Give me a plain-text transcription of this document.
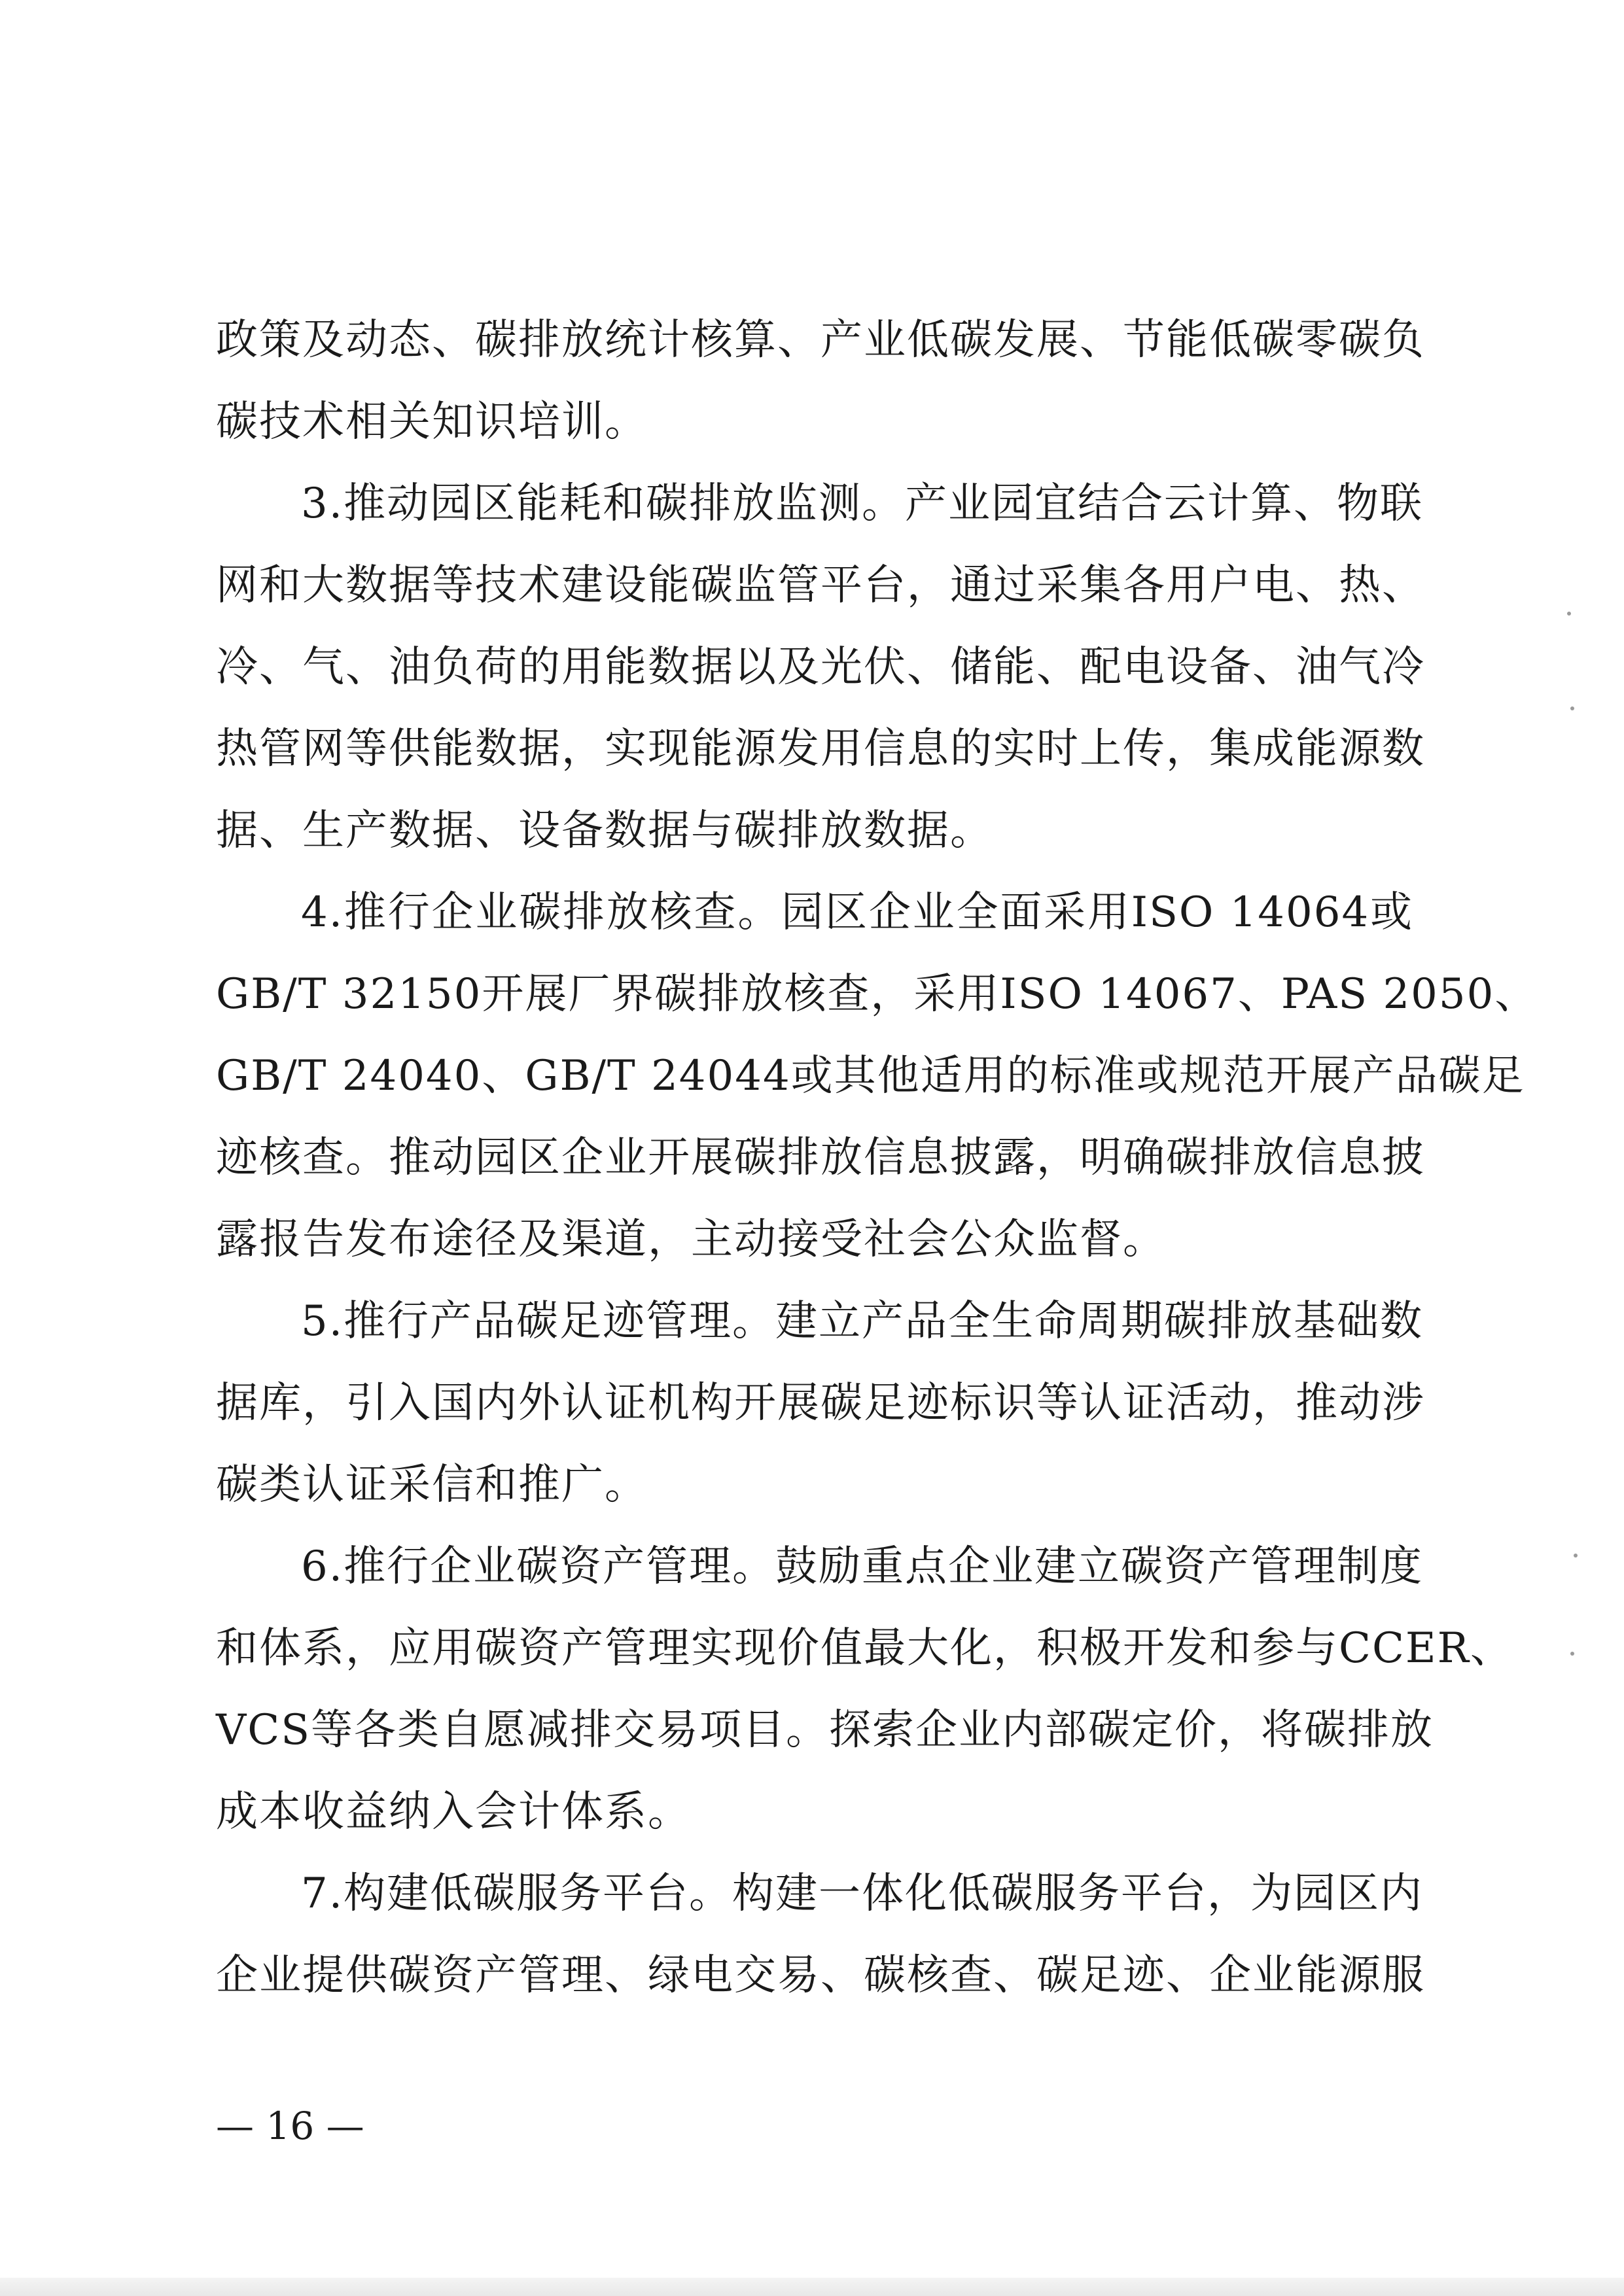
政策及动态、碳排放统计核算、产业低碳发展、节能低碳零碳负
碳技术相关知识培训。
3.推动园区能耗和碳排放监测。产业园宜结合云计算、物联
网和大数据等技术建设能碳监管平台，通过采集各用户电、热、
冷、气、油负荷的用能数据以及光伏、储能、配电设备、油气冷
热管网等供能数据，实现能源发用信息的实时上传，集成能源数
据、生产数据、设备数据与碳排放数据。
4.推行企业碳排放核查。园区企业全面采用ISO 14064或
GB/T 32150开展厂界碳排放核查，采用ISO 14067、PAS 2050、
GB/T 24040、GB/T 24044或其他适用的标准或规范开展产品碳足
迹核查。推动园区企业开展碳排放信息披露，明确碳排放信息披
露报告发布途径及渠道，主动接受社会公众监督。
5.推行产品碳足迹管理。建立产品全生命周期碳排放基础数
据库，引入国内外认证机构开展碳足迹标识等认证活动，推动涉
碳类认证采信和推广。
6.推行企业碳资产管理。鼓励重点企业建立碳资产管理制度
和体系，应用碳资产管理实现价值最大化，积极开发和参与CCER、
VCS等各类自愿减排交易项目。探索企业内部碳定价，将碳排放
成本收益纳入会计体系。
7.构建低碳服务平台。构建一体化低碳服务平台，为园区内
企业提供碳资产管理、绿电交易、碳核查、碳足迹、企业能源服
— 16 —
